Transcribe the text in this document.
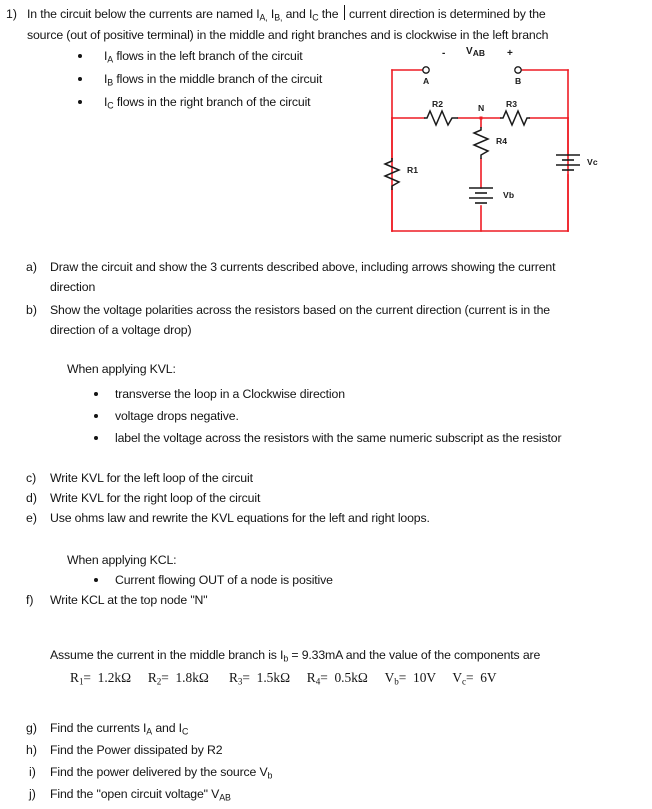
1) In the circuit below the currents are named $I_{A,}$ $I_{B,}$ and $I_C$ the current direction is determined by the
source (out of positive terminal) in the middle and right branches and is clockwise in the left branch
$I_A$ flows in the left branch of the circuit
$I_B$ flows in the middle branch of the circuit
$I_C$ flows in the right branch of the circuit
- $V_{AB}$ +
A	B
R2	N	R3
R4
R1
Vb
Vc
a) Draw the circuit and show the 3 currents described above, including arrows showing the current
direction
b) Show the voltage polarities across the resistors based on the current direction (current is in the
direction of a voltage drop)
When applying KVL:
transverse the loop in a Clockwise direction
voltage drops negative.
label the voltage across the resistors with the same numeric subscript as the resistor
c) Write KVL for the left loop of the circuit
d) Write KVL for the right loop of the circuit
e) Use ohms law and rewrite the KVL equations for the left and right loops.
When applying KCL:
Current flowing OUT of a node is positive
f) Write KCL at the top node "N"
Assume the current in the middle branch is $I_b = 9.33mA$ and the value of the components are
$R_1= 1.2k\Omega$ $R_2= 1.8k\Omega$ $R_3= 1.5k\Omega$ $R_4= 0.5k\Omega$ $V_b= 10V$ $V_c= 6V$
g) Find the currents $I_A$ and $I_C$
h) Find the Power dissipated by R2
i) Find the power delivered by the source $V_b$
j) Find the "open circuit voltage" $V_{AB}$
